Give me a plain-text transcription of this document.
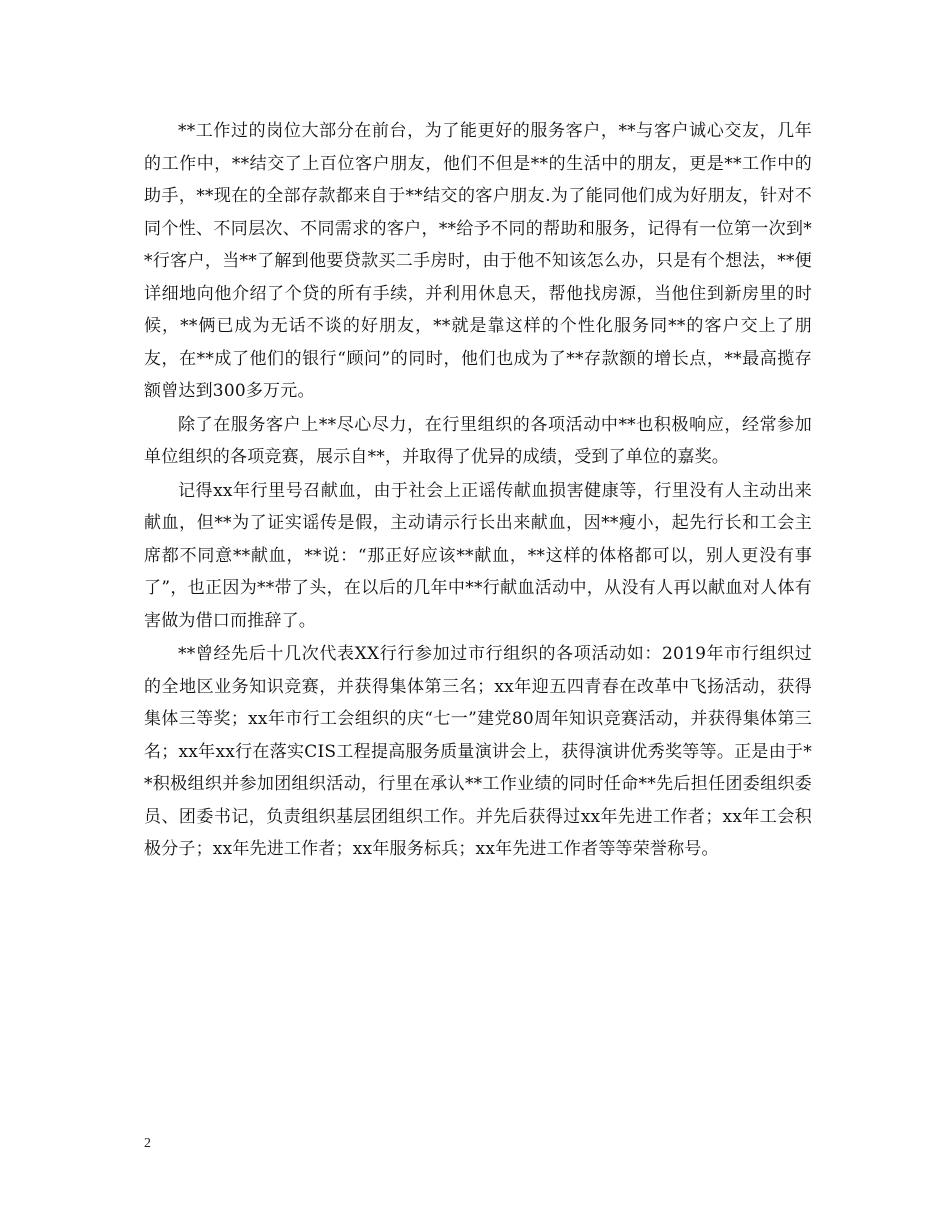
**工作过的岗位大部分在前台，为了能更好的服务客户，**与客户诚心交友，几年的工作中，**结交了上百位客户朋友，他们不但是**的生活中的朋友，更是**工作中的助手，**现在的全部存款都来自于**结交的客户朋友.为了能同他们成为好朋友，针对不同个性、不同层次、不同需求的客户，**给予不同的帮助和服务，记得有一位第一次到**行客户，当**了解到他要贷款买二手房时，由于他不知该怎么办，只是有个想法，**便详细地向他介绍了个贷的所有手续，并利用休息天，帮他找房源，当他住到新房里的时候，**俩已成为无话不谈的好朋友，**就是靠这样的个性化服务同**的客户交上了朋友，在**成了他们的银行“顾问”的同时，他们也成为了**存款额的增长点，**最高揽存额曾达到300多万元。

除了在服务客户上**尽心尽力，在行里组织的各项活动中**也积极响应，经常参加单位组织的各项竞赛，展示自**，并取得了优异的成绩，受到了单位的嘉奖。

记得xx年行里号召献血，由于社会上正谣传献血损害健康等，行里没有人主动出来献血，但**为了证实谣传是假，主动请示行长出来献血，因**瘦小，起先行长和工会主席都不同意**献血，**说：“那正好应该**献血，**这样的体格都可以，别人更没有事了”，也正因为**带了头，在以后的几年中**行献血活动中，从没有人再以献血对人体有害做为借口而推辞了。

**曾经先后十几次代表XX行行参加过市行组织的各项活动如：2019年市行组织过的全地区业务知识竞赛，并获得集体第三名；xx年迎五四青春在改革中飞扬活动，获得集体三等奖；xx年市行工会组织的庆“七一”建党80周年知识竞赛活动，并获得集体第三名；xx年xx行在落实CIS工程提高服务质量演讲会上，获得演讲优秀奖等等。正是由于**积极组织并参加团组织活动，行里在承认**工作业绩的同时任命**先后担任团委组织委员、团委书记，负责组织基层团组织工作。并先后获得过xx年先进工作者；xx年工会积极分子；xx年先进工作者；xx年服务标兵；xx年先进工作者等等荣誉称号。

2
